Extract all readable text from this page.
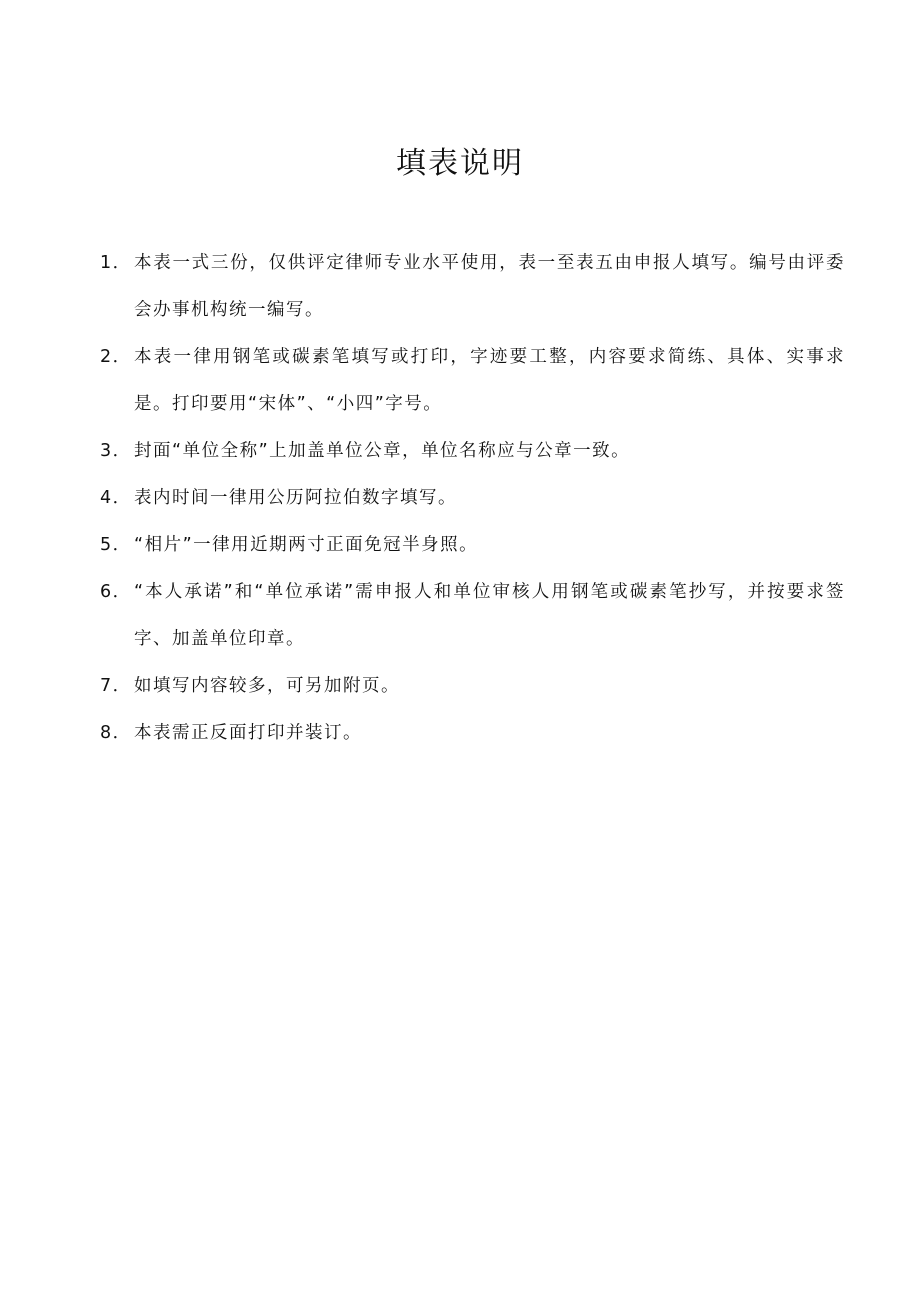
填表说明
1． 本表一式三份，仅供评定律师专业水平使用，表一至表五由申报人填写。编号由评委会办事机构统一编写。
2． 本表一律用钢笔或碳素笔填写或打印，字迹要工整，内容要求简练、具体、实事求是。打印要用“宋体”、“小四”字号。
3． 封面“单位全称”上加盖单位公章，单位名称应与公章一致。
4． 表内时间一律用公历阿拉伯数字填写。
5． “相片”一律用近期两寸正面免冠半身照。
6． “本人承诺”和“单位承诺”需申报人和单位审核人用钢笔或碳素笔抄写，并按要求签字、加盖单位印章。
7． 如填写内容较多，可另加附页。
8． 本表需正反面打印并装订。
